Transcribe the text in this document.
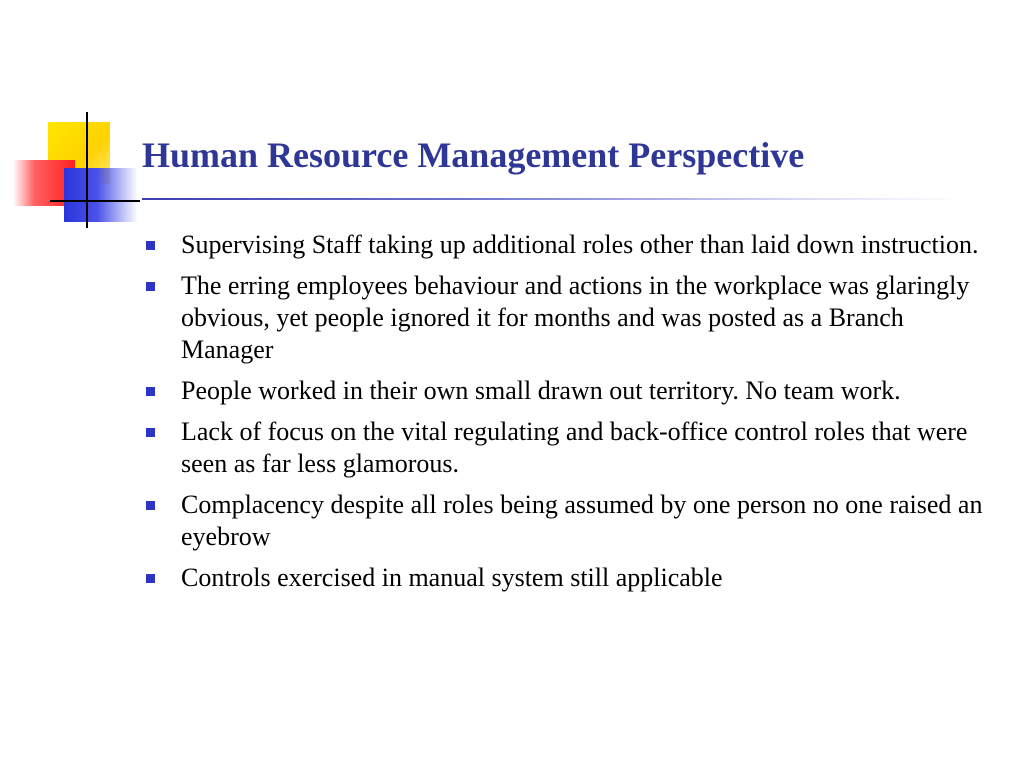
Human Resource Management Perspective
Supervising Staff taking up additional roles other than laid down instruction.
The erring employees behaviour and actions in the workplace was glaringly obvious, yet people ignored it for months and was posted as a Branch Manager
People worked in their own small drawn out territory. No team work.
Lack of focus on the vital regulating and back-office control roles that were seen as far less glamorous.
Complacency despite all roles being assumed by one person no one raised an eyebrow
Controls exercised in manual system still applicable
